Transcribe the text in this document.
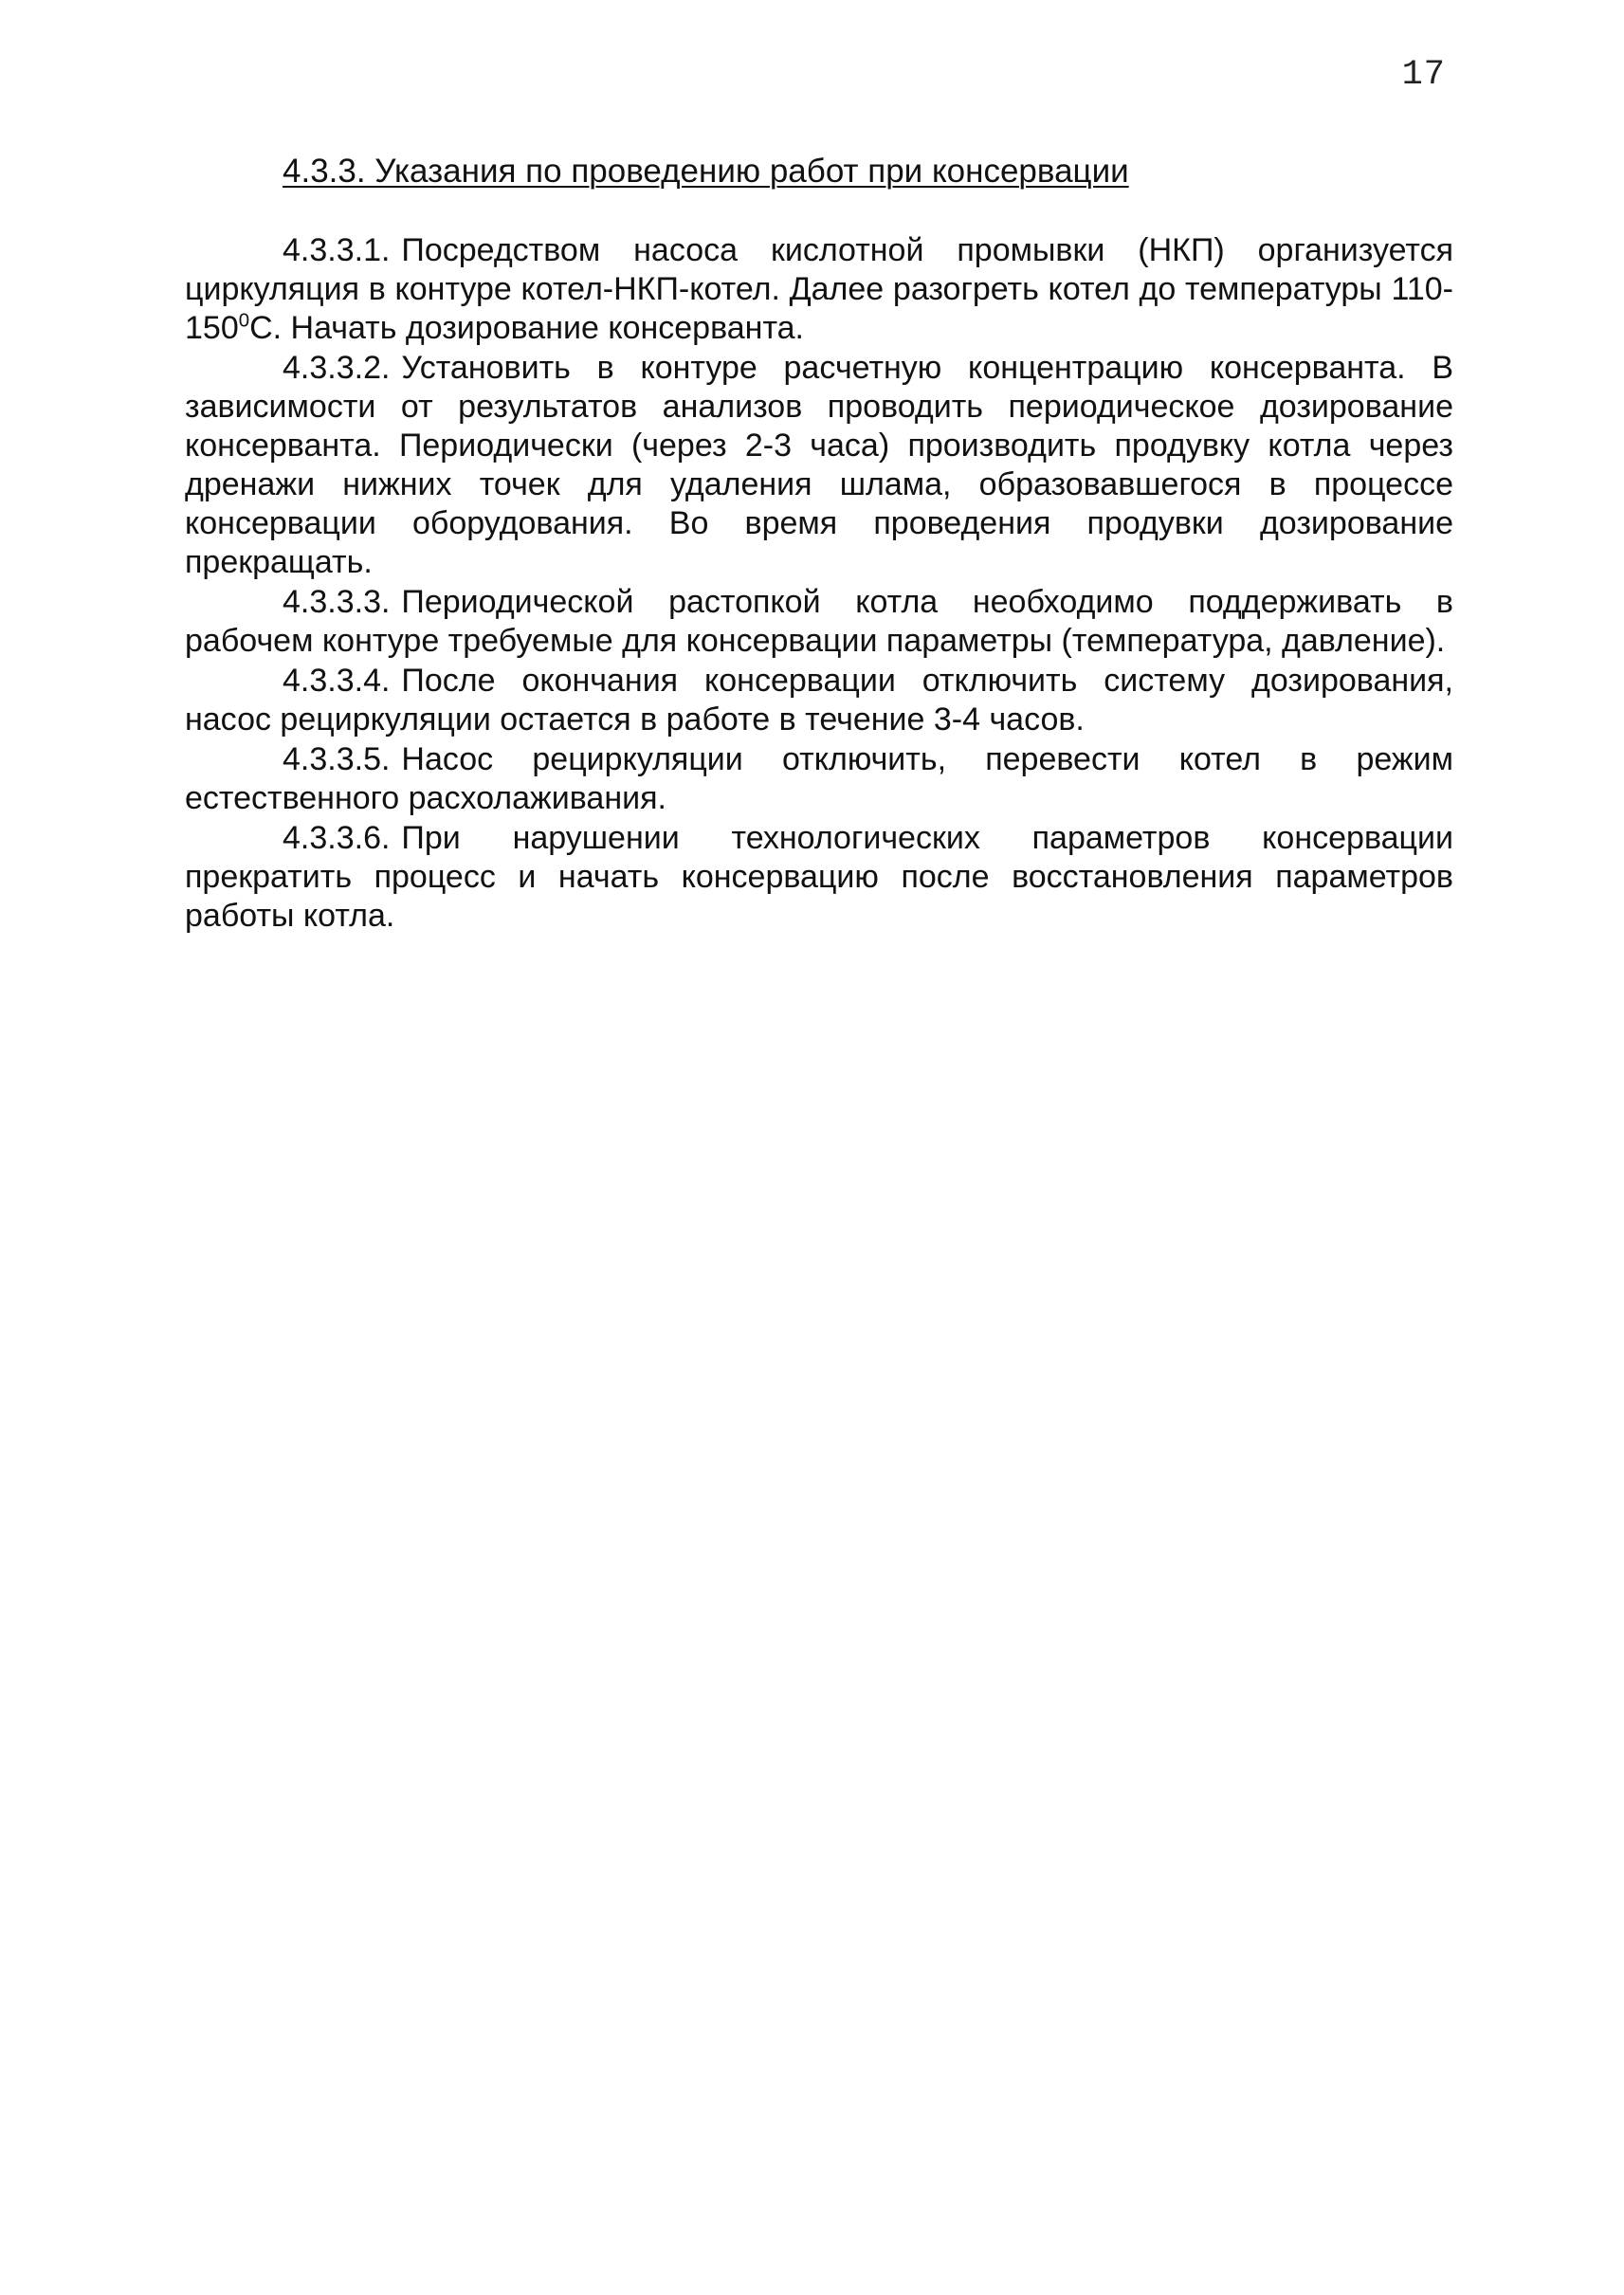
17
4.3.3. Указания по проведению работ при консервации

4.3.3.1. Посредством насоса кислотной промывки (НКП) организуется циркуляция в контуре котел-НКП-котел. Далее разогреть котел до температуры $110-150^0С$. Начать дозирование консерванта.

4.3.3.2. Установить в контуре расчетную концентрацию консерванта. В зависимости от результатов анализов проводить периодическое дозирование консерванта. Периодически (через 2-3 часа) производить продувку котла через дренажи нижних точек для удаления шлама, образовавшегося в процессе консервации оборудования. Во время проведения продувки дозирование прекращать.

4.3.3.3. Периодической растопкой котла необходимо поддерживать в рабочем контуре требуемые для консервации параметры (температура, давление).

4.3.3.4. После окончания консервации отключить систему дозирования, насос рециркуляции остается в работе в течение 3-4 часов.

4.3.3.5. Насос рециркуляции отключить, перевести котел в режим естественного расхолаживания.

4.3.3.6. При нарушении технологических параметров консервации прекратить процесс и начать консервацию после восстановления параметров работы котла.
